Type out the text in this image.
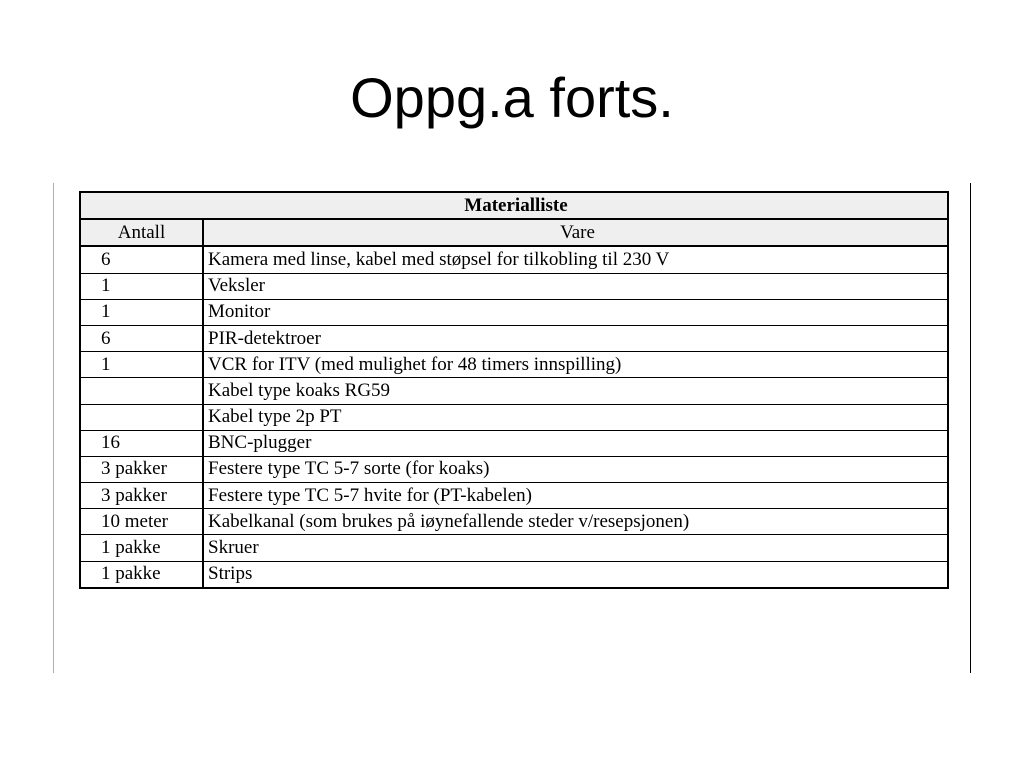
Oppg.a forts.
Materialliste	
Antall	Vare
6	Kamera med linse, kabel med støpsel for tilkobling til 230 V
1	Veksler
1	Monitor
6	PIR-detektroer
1	VCR for ITV (med mulighet for 48 timers innspilling)
	Kabel type koaks RG59
	Kabel type 2p PT
16	BNC-plugger
3 pakker	Festere type TC 5-7 sorte (for koaks)
3 pakker	Festere type TC 5-7 hvite for (PT-kabelen)
10 meter	Kabelkanal (som brukes på iøynefallende steder v/resepsjonen)
1 pakke	Skruer
1 pakke	Strips
